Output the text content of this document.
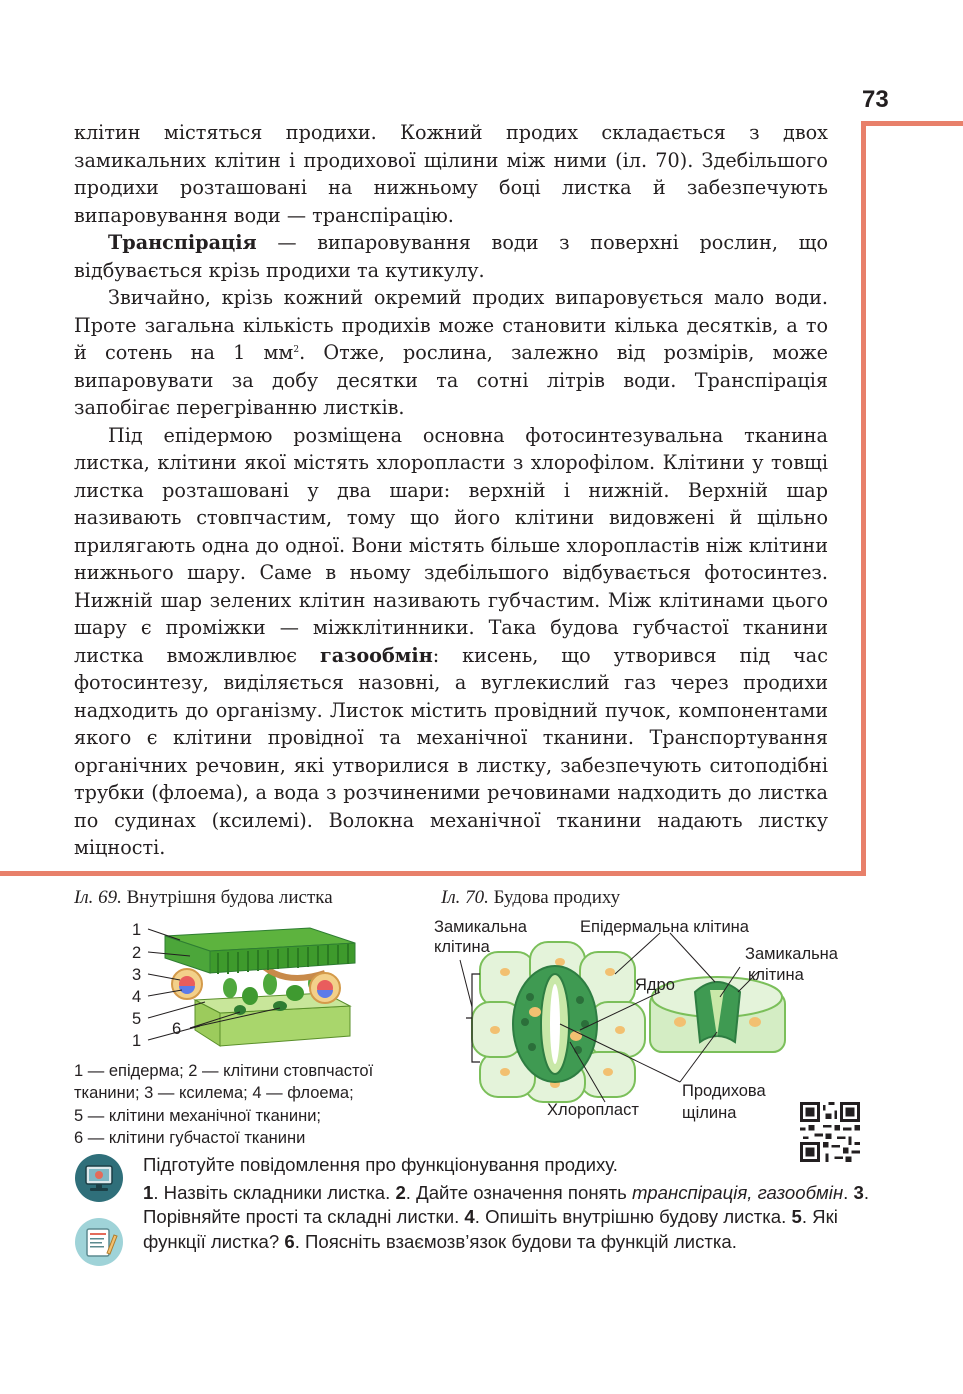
73

клітин містяться продихи. Кожний продих складається з двох замикальних клітин і продихової щілини між ними (іл. 70). Здебільшого продихи розташовані на нижньому боці листка й забезпечують випаровування води — транспірацію.

Транспірація — випаровування води з поверхні рослин, що відбувається крізь продихи та кутикулу.

Звичайно, крізь кожний окремий продих випаровується мало води. Проте загальна кількість продихів може становити кілька десятків, а то й сотень на 1 $мм^2$. Отже, рослина, залежно від розмірів, може випаровувати за добу десятки та сотні літрів води. Транспірація запобігає перегріванню листків.

Під епідермою розміщена основна фотосинтезувальна тканина листка, клітини якої містять хлоропласти з хлорофілом. Клітини у товщі листка розташовані у два шари: верхній і нижній. Верхній шар називають стовпчастим, тому що його клітини видовжені й щільно прилягають одна до одної. Вони містять більше хлоропластів ніж клітини нижнього шару. Саме в ньому здебільшого відбувається фотосинтез. Нижній шар зелених клітин називають губчастим. Між клітинами цього шару є проміжки — міжклітинники. Така будова губчастої тканини листка вможливлює газообмін: кисень, що утворився під час фотосинтезу, виділяється назовні, а вуглекислий газ через продихи надходить до організму. Листок містить провідний пучок, компонентами якого є клітини провідної та механічної тканини. Транспортування органічних речовин, які утворилися в листку, забезпечують ситоподібні трубки (флоема), а вода з розчиненими речовинами надходить до листка по судинах (ксилемі). Волокна механічної тканини надають листку міцності.

Іл. 69. Внутрішня будова листка	Іл. 70. Будова продиху
1
2
3
4
5
6
1
1 — епідерма; 2 — клітини стовпчастої
тканини; 3 — ксилема; 4 — флоема;
5 — клітини механічної тканини;
6 — клітини губчастої тканини
Замикальна
клітина
Епідермальна клітина
Замикальна
клітина
Ядро
Продихова
щілина
Хлоропласт
Підготуйте повідомлення про функціонування продиху.
1. Назвіть складники листка. 2. Дайте означення понять транспірація, газообмін. 3. Порівняйте прості та складні листки. 4. Опишіть внутрішню будову листка. 5. Які функції листка? 6. Поясніть взаємозв’язок будови та функцій листка.
